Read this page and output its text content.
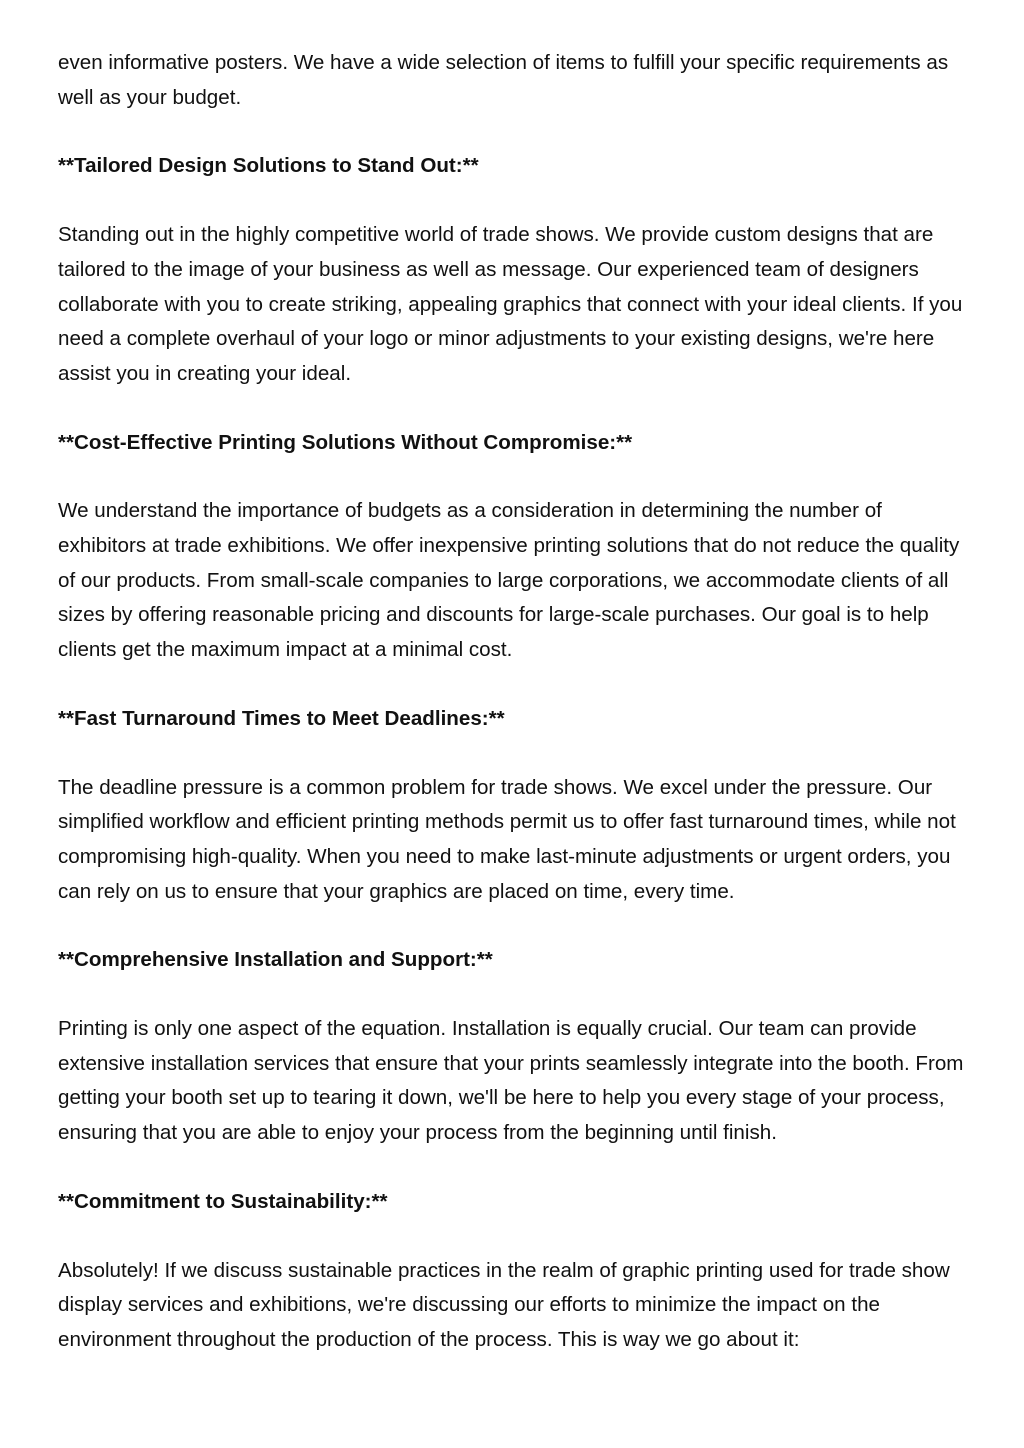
even informative posters. We have a wide selection of items to fulfill your specific requirements as well as your budget.

**Tailored Design Solutions to Stand Out:**

Standing out in the highly competitive world of trade shows. We provide custom designs that are tailored to the image of your business as well as message. Our experienced team of designers collaborate with you to create striking, appealing graphics that connect with your ideal clients. If you need a complete overhaul of your logo or minor adjustments to your existing designs, we're here assist you in creating your ideal.

**Cost-Effective Printing Solutions Without Compromise:**

We understand the importance of budgets as a consideration in determining the number of exhibitors at trade exhibitions. We offer inexpensive printing solutions that do not reduce the quality of our products. From small-scale companies to large corporations, we accommodate clients of all sizes by offering reasonable pricing and discounts for large-scale purchases. Our goal is to help clients get the maximum impact at a minimal cost.

**Fast Turnaround Times to Meet Deadlines:**

The deadline pressure is a common problem for trade shows. We excel under the pressure. Our simplified workflow and efficient printing methods permit us to offer fast turnaround times, while not compromising high-quality. When you need to make last-minute adjustments or urgent orders, you can rely on us to ensure that your graphics are placed on time, every time.

**Comprehensive Installation and Support:**

Printing is only one aspect of the equation. Installation is equally crucial. Our team can provide extensive installation services that ensure that your prints seamlessly integrate into the booth. From getting your booth set up to tearing it down, we'll be here to help you every stage of your process, ensuring that you are able to enjoy your process from the beginning until finish.

**Commitment to Sustainability:**

Absolutely! If we discuss sustainable practices in the realm of graphic printing used for trade show display services and exhibitions, we're discussing our efforts to minimize the impact on the environment throughout the production of the process. This is way we go about it:
